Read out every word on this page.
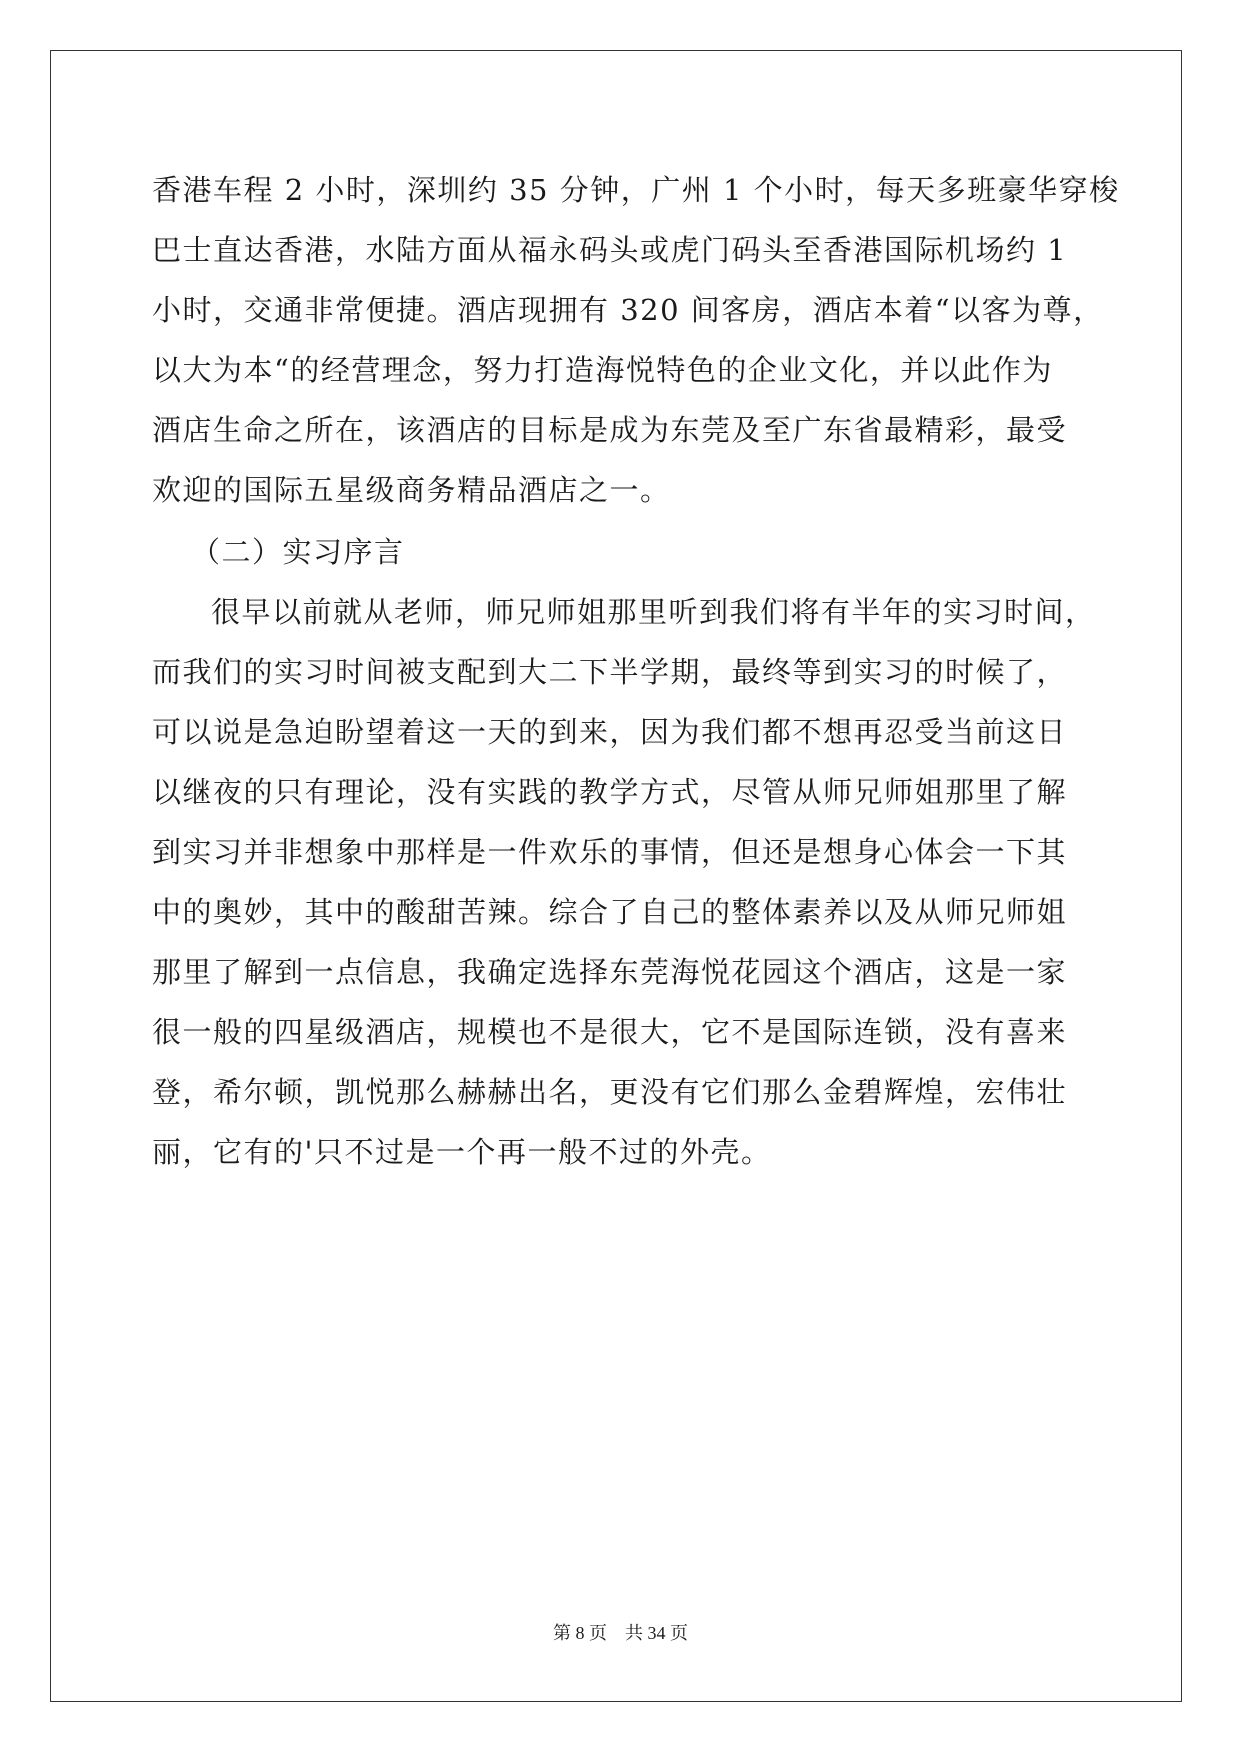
香港车程 2 小时，深圳约 35 分钟，广州 1 个小时，每天多班豪华穿梭
巴士直达香港，水陆方面从福永码头或虎门码头至香港国际机场约 1
小时，交通非常便捷。酒店现拥有 320 间客房，酒店本着“以客为尊，
以大为本“的经营理念，努力打造海悦特色的企业文化，并以此作为
酒店生命之所在，该酒店的目标是成为东莞及至广东省最精彩，最受
欢迎的国际五星级商务精品酒店之一。
（二）实习序言
很早以前就从老师，师兄师姐那里听到我们将有半年的实习时间，
而我们的实习时间被支配到大二下半学期，最终等到实习的时候了，
可以说是急迫盼望着这一天的到来，因为我们都不想再忍受当前这日
以继夜的只有理论，没有实践的教学方式，尽管从师兄师姐那里了解
到实习并非想象中那样是一件欢乐的事情，但还是想身心体会一下其
中的奥妙，其中的酸甜苦辣。综合了自己的整体素养以及从师兄师姐
那里了解到一点信息，我确定选择东莞海悦花园这个酒店，这是一家
很一般的四星级酒店，规模也不是很大，它不是国际连锁，没有喜来
登，希尔顿，凯悦那么赫赫出名，更没有它们那么金碧辉煌，宏伟壮
丽，它有的'只不过是一个再一般不过的外壳。
第 8 页　共 34 页
